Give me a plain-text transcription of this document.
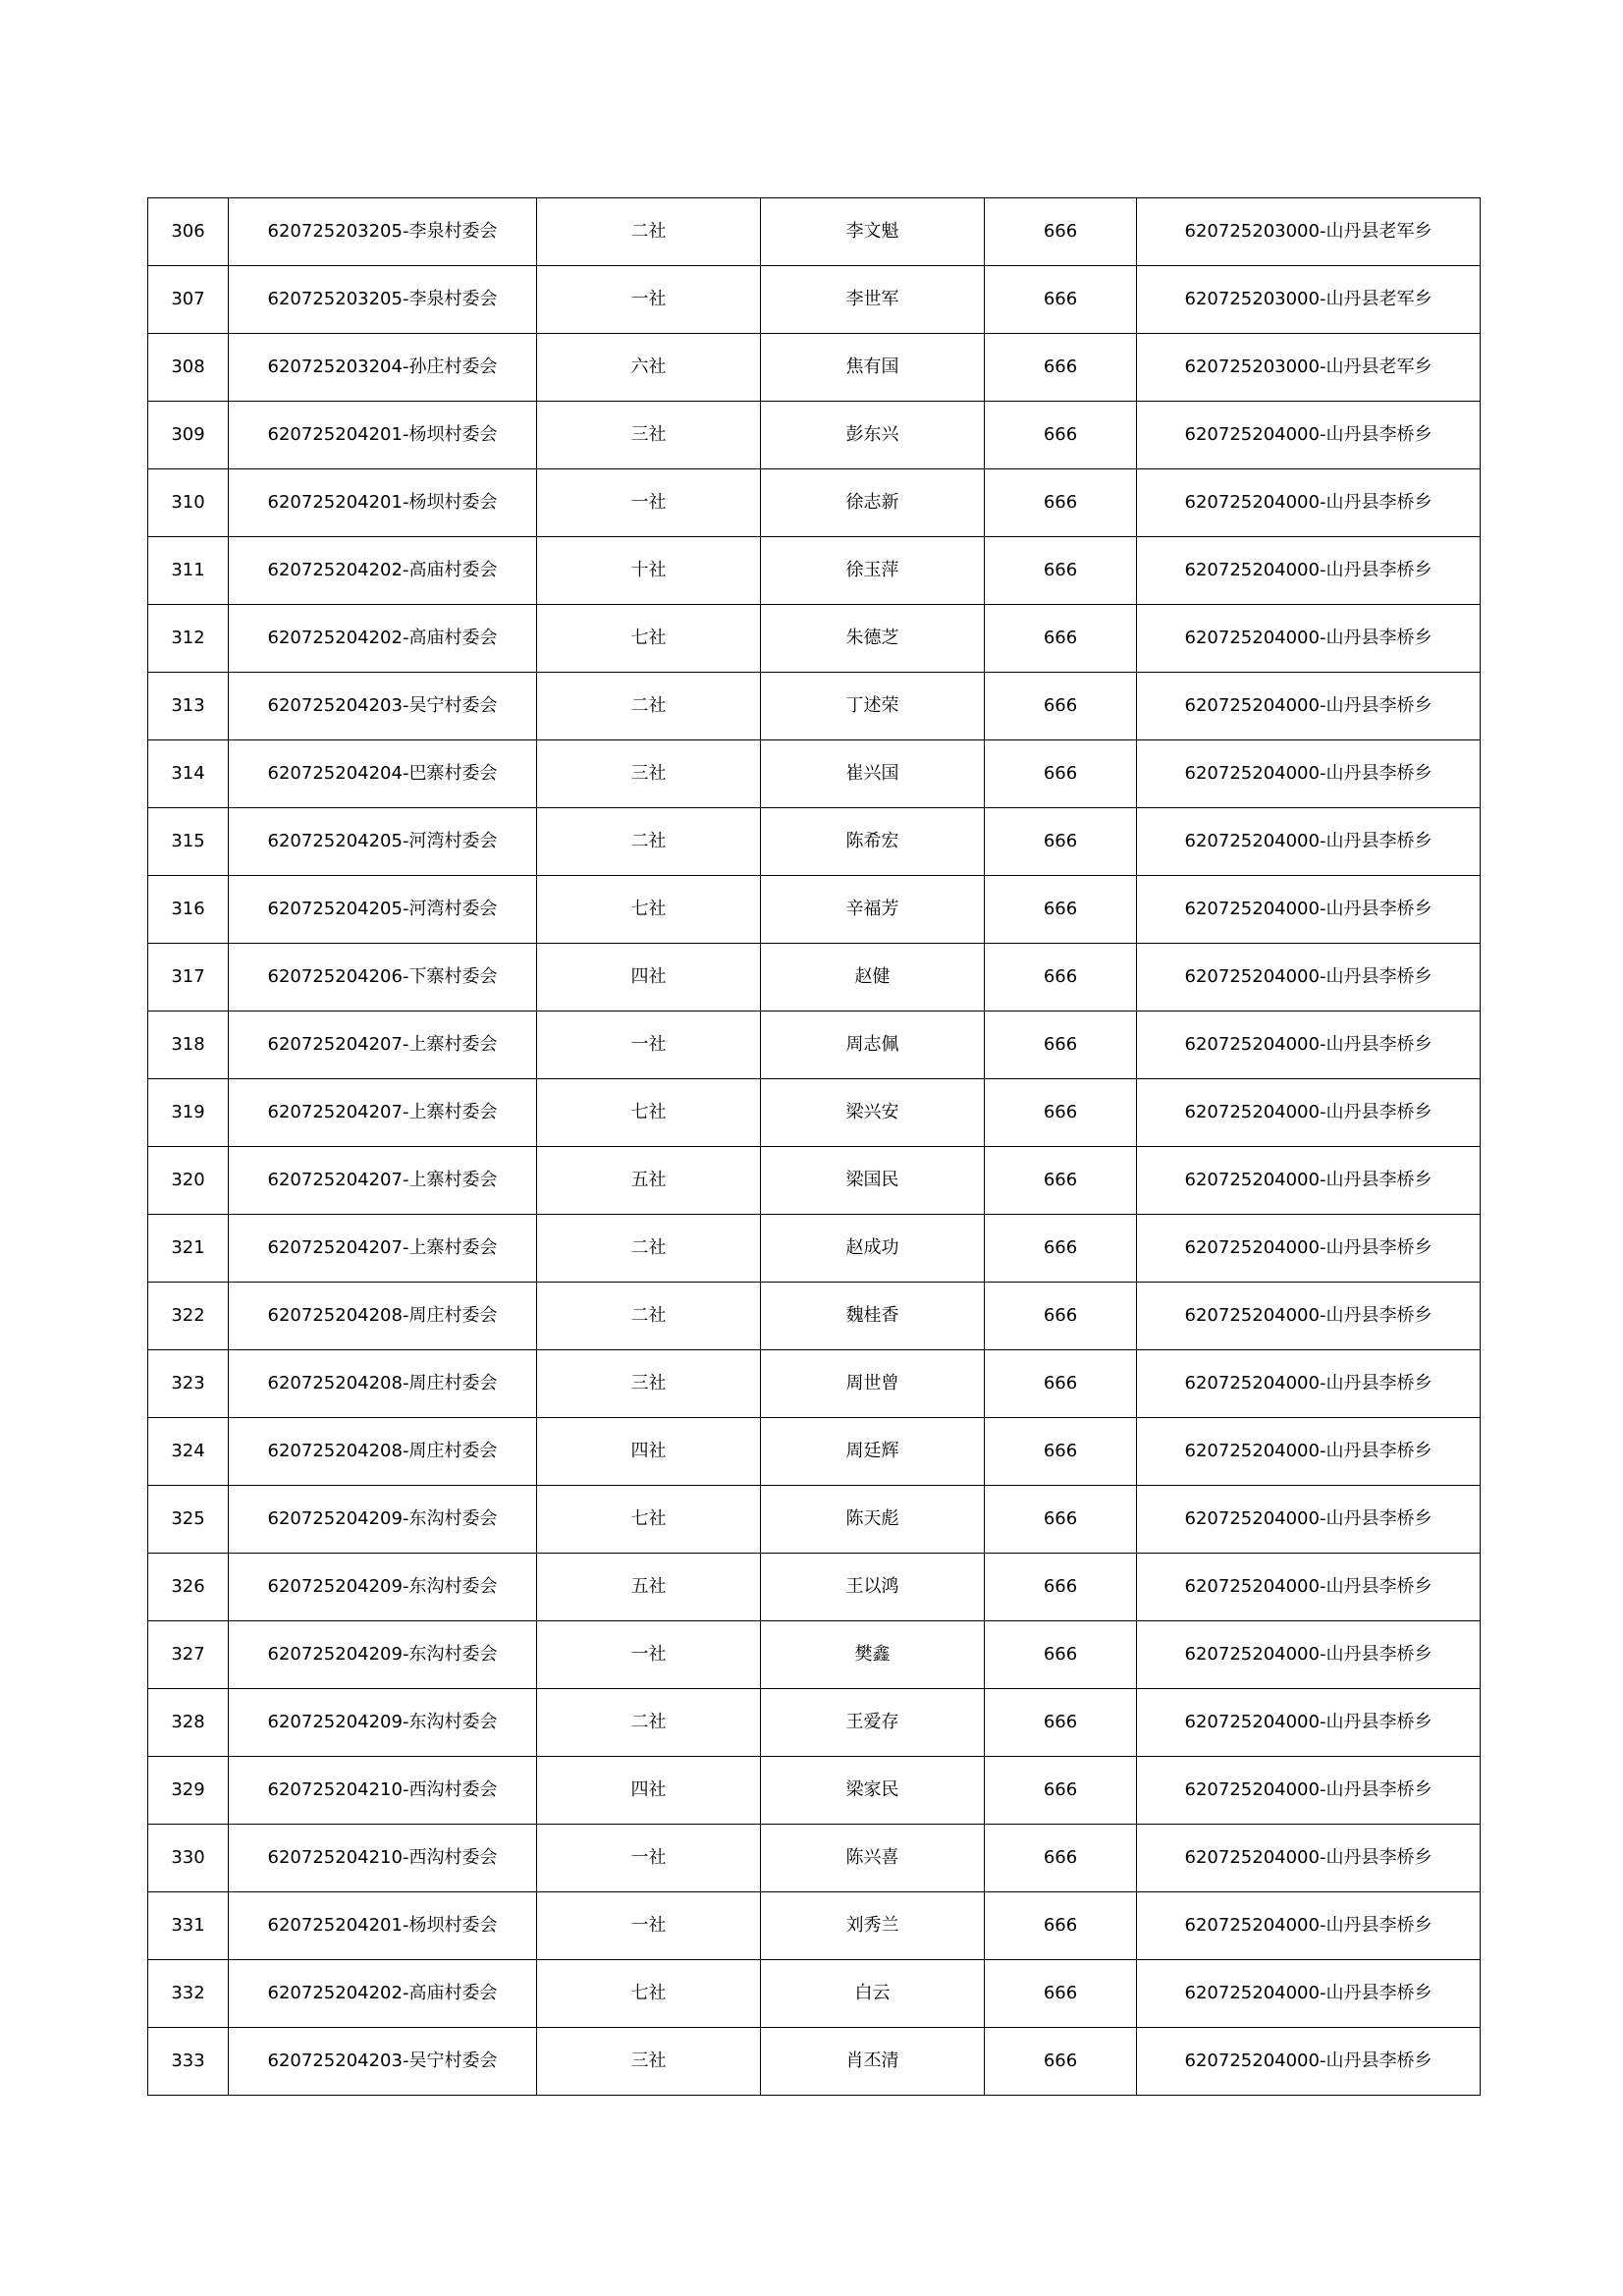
306	620725203205-李泉村委会	二社	李文魁	666	620725203000-山丹县老军乡
307	620725203205-李泉村委会	一社	李世军	666	620725203000-山丹县老军乡
308	620725203204-孙庄村委会	六社	焦有国	666	620725203000-山丹县老军乡
309	620725204201-杨坝村委会	三社	彭东兴	666	620725204000-山丹县李桥乡
310	620725204201-杨坝村委会	一社	徐志新	666	620725204000-山丹县李桥乡
311	620725204202-高庙村委会	十社	徐玉萍	666	620725204000-山丹县李桥乡
312	620725204202-高庙村委会	七社	朱德芝	666	620725204000-山丹县李桥乡
313	620725204203-吴宁村委会	二社	丁述荣	666	620725204000-山丹县李桥乡
314	620725204204-巴寨村委会	三社	崔兴国	666	620725204000-山丹县李桥乡
315	620725204205-河湾村委会	二社	陈希宏	666	620725204000-山丹县李桥乡
316	620725204205-河湾村委会	七社	辛福芳	666	620725204000-山丹县李桥乡
317	620725204206-下寨村委会	四社	赵健	666	620725204000-山丹县李桥乡
318	620725204207-上寨村委会	一社	周志佩	666	620725204000-山丹县李桥乡
319	620725204207-上寨村委会	七社	梁兴安	666	620725204000-山丹县李桥乡
320	620725204207-上寨村委会	五社	梁国民	666	620725204000-山丹县李桥乡
321	620725204207-上寨村委会	二社	赵成功	666	620725204000-山丹县李桥乡
322	620725204208-周庄村委会	二社	魏桂香	666	620725204000-山丹县李桥乡
323	620725204208-周庄村委会	三社	周世曾	666	620725204000-山丹县李桥乡
324	620725204208-周庄村委会	四社	周廷辉	666	620725204000-山丹县李桥乡
325	620725204209-东沟村委会	七社	陈天彪	666	620725204000-山丹县李桥乡
326	620725204209-东沟村委会	五社	王以鸿	666	620725204000-山丹县李桥乡
327	620725204209-东沟村委会	一社	樊鑫	666	620725204000-山丹县李桥乡
328	620725204209-东沟村委会	二社	王爱存	666	620725204000-山丹县李桥乡
329	620725204210-西沟村委会	四社	梁家民	666	620725204000-山丹县李桥乡
330	620725204210-西沟村委会	一社	陈兴喜	666	620725204000-山丹县李桥乡
331	620725204201-杨坝村委会	一社	刘秀兰	666	620725204000-山丹县李桥乡
332	620725204202-高庙村委会	七社	白云	666	620725204000-山丹县李桥乡
333	620725204203-吴宁村委会	三社	肖丕清	666	620725204000-山丹县李桥乡
